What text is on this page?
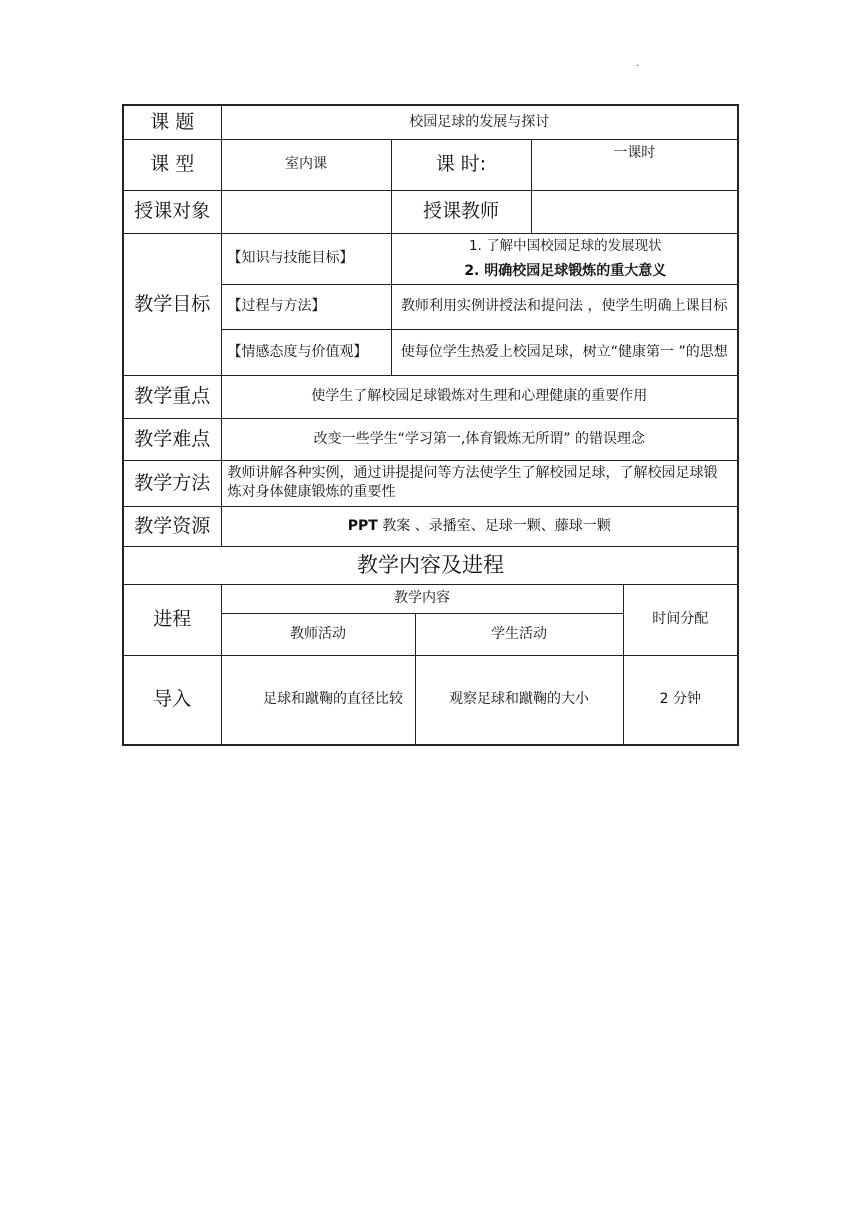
.
课 题	校园足球的发展与探讨				
课 型	室内课	课 时:		一课时	
授课对象		授课教师			
教学目标	【知识与技能目标】	1. 了解中国校园足球的发展现状
2. 明确校园足球锻炼的重大意义			

	【过程与方法】	教师利用实例讲授法和提问法 ，使学生明确上课目标			
	【情感态度与价值观】	使每位学生热爱上校园足球，树立“健康第一 ”的思想			
教学重点	使学生了解校园足球锻炼对生理和心理健康的重要作用				
教学难点	改变一些学生“学习第一,体育锻炼无所谓” 的错误理念				
教学方法	教师讲解各种实例，通过讲提提问等方法使学生了解校园足球，了解校园足球锻炼对身体健康锻炼的重要性				
教学资源	PPT 教案 、录播室、足球一颗、藤球一颗				
教学内容及进程					
进程	教学内容				时间分配
	教师活动		学生活动		
导入	足球和蹴鞠的直径比较		观察足球和蹴鞠的大小		2 分钟
